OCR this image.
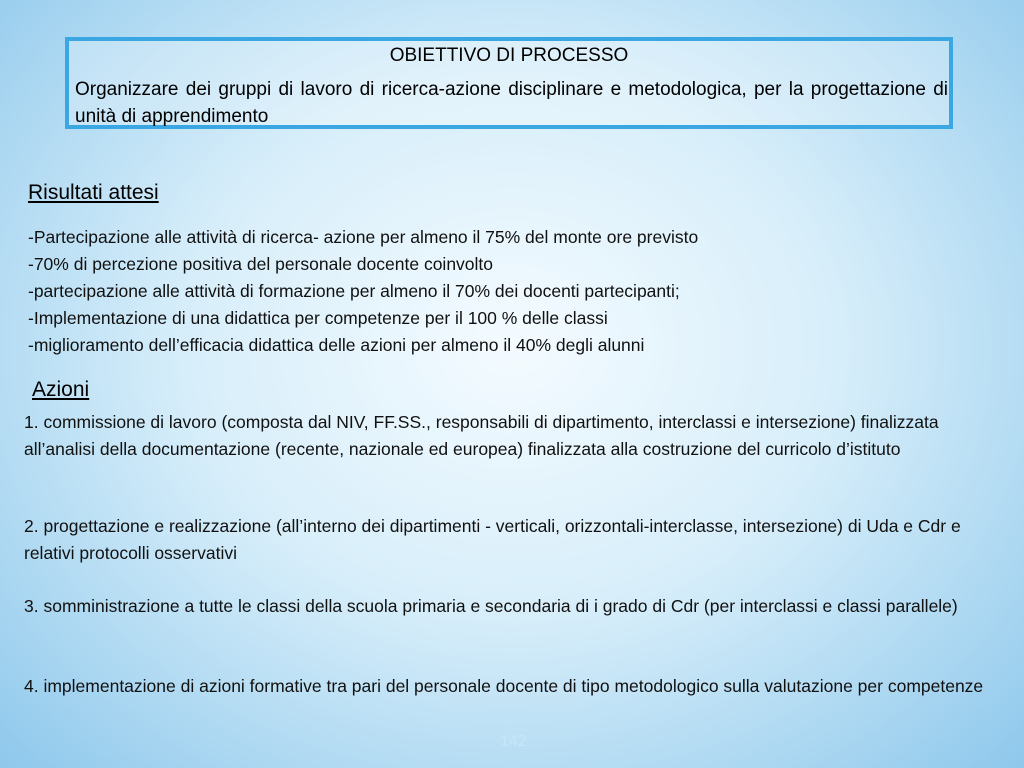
OBIETTIVO DI PROCESSO

Organizzare dei gruppi di lavoro di ricerca-azione disciplinare e metodologica, per la progettazione di unità di apprendimento

Risultati attesi
-Partecipazione alle attività di ricerca- azione per almeno il 75% del monte ore previsto
-70% di percezione positiva del personale docente coinvolto
-partecipazione alle attività di formazione per almeno il 70% dei docenti partecipanti;
-Implementazione di una didattica per competenze per il 100 % delle classi
-miglioramento dell’efficacia didattica delle azioni per almeno il 40% degli alunni
Azioni

1. commissione di lavoro (composta dal NIV, FF.SS., responsabili di dipartimento, interclassi e intersezione) finalizzata all’analisi della documentazione (recente, nazionale ed europea) finalizzata alla costruzione del curricolo d’istituto

2. progettazione e realizzazione (all’interno dei dipartimenti - verticali, orizzontali-interclasse, intersezione) di Uda e Cdr e relativi protocolli osservativi

3. somministrazione a tutte le classi della scuola primaria e secondaria di i grado di Cdr (per interclassi e classi parallele)

4. implementazione di azioni formative tra pari del personale docente di tipo metodologico sulla valutazione per competenze

142
